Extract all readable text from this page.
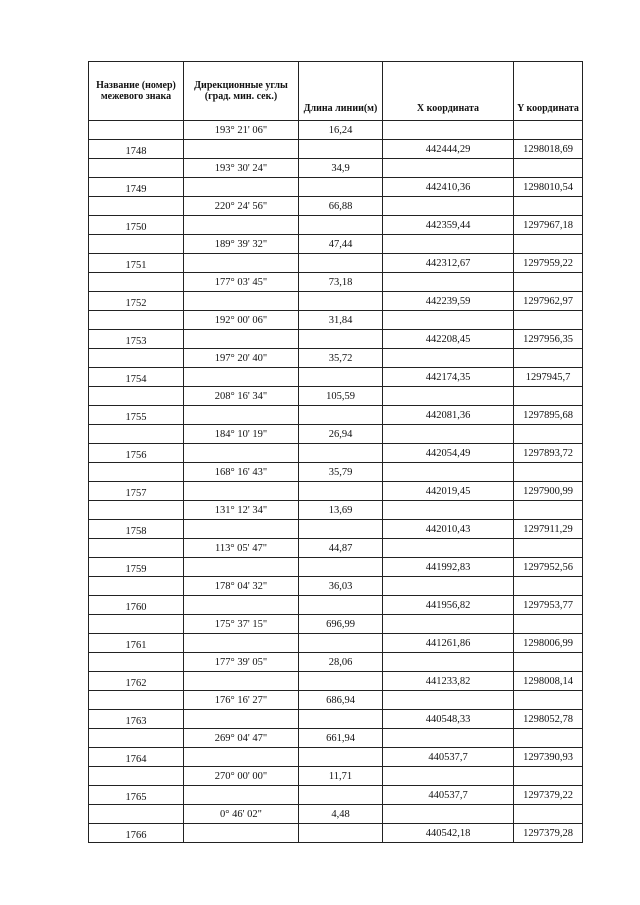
Название (номер) межевого знака	Дирекционные углы (град. мин. сек.)	Длина линии(м)	X координата	Y координата
	193° 21' 06"	16,24		
1748			442444,29	1298018,69
	193° 30' 24"	34,9		
1749			442410,36	1298010,54
	220° 24' 56"	66,88		
1750			442359,44	1297967,18
	189° 39' 32"	47,44		
1751			442312,67	1297959,22
	177° 03' 45"	73,18		
1752			442239,59	1297962,97
	192° 00' 06"	31,84		
1753			442208,45	1297956,35
	197° 20' 40"	35,72		
1754			442174,35	1297945,7
	208° 16' 34"	105,59		
1755			442081,36	1297895,68
	184° 10' 19"	26,94		
1756			442054,49	1297893,72
	168° 16' 43"	35,79		
1757			442019,45	1297900,99
	131° 12' 34"	13,69		
1758			442010,43	1297911,29
	113° 05' 47"	44,87		
1759			441992,83	1297952,56
	178° 04' 32"	36,03		
1760			441956,82	1297953,77
	175° 37' 15"	696,99		
1761			441261,86	1298006,99
	177° 39' 05"	28,06		
1762			441233,82	1298008,14
	176° 16' 27"	686,94		
1763			440548,33	1298052,78
	269° 04' 47"	661,94		
1764			440537,7	1297390,93
	270° 00' 00"	11,71		
1765			440537,7	1297379,22
	0° 46' 02"	4,48		
1766			440542,18	1297379,28
